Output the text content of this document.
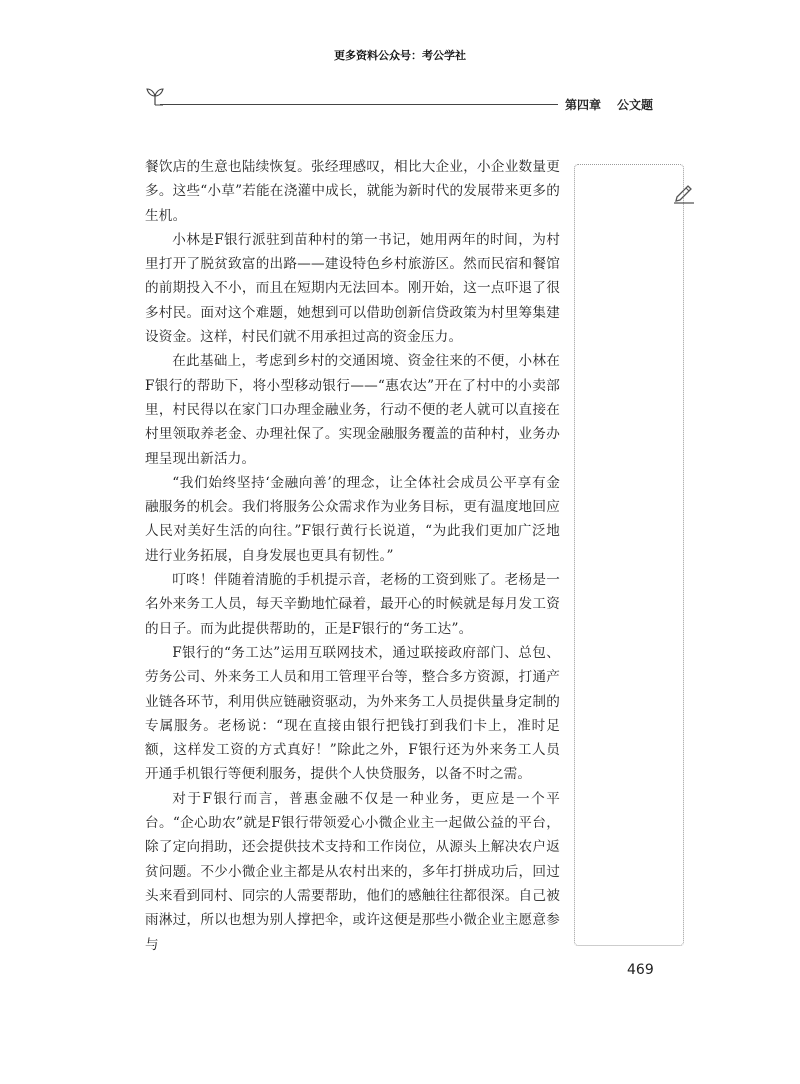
更多资料公众号：考公学社
第四章 公文题

餐饮店的生意也陆续恢复。张经理感叹，相比大企业，小企业数量更多。这些“小草”若能在浇灌中成长，就能为新时代的发展带来更多的生机。

小林是F银行派驻到苗种村的第一书记，她用两年的时间，为村里打开了脱贫致富的出路——建设特色乡村旅游区。然而民宿和餐馆的前期投入不小，而且在短期内无法回本。刚开始，这一点吓退了很多村民。面对这个难题，她想到可以借助创新信贷政策为村里筹集建设资金。这样，村民们就不用承担过高的资金压力。

在此基础上，考虑到乡村的交通困境、资金往来的不便，小林在F银行的帮助下，将小型移动银行——“惠农达”开在了村中的小卖部里，村民得以在家门口办理金融业务，行动不便的老人就可以直接在村里领取养老金、办理社保了。实现金融服务覆盖的苗种村，业务办理呈现出新活力。

“我们始终坚持‘金融向善’的理念，让全体社会成员公平享有金融服务的机会。我们将服务公众需求作为业务目标，更有温度地回应人民对美好生活的向往。”F银行黄行长说道，“为此我们更加广泛地进行业务拓展，自身发展也更具有韧性。”

叮咚！伴随着清脆的手机提示音，老杨的工资到账了。老杨是一名外来务工人员，每天辛勤地忙碌着，最开心的时候就是每月发工资的日子。而为此提供帮助的，正是F银行的“务工达”。

F银行的“务工达”运用互联网技术，通过联接政府部门、总包、劳务公司、外来务工人员和用工管理平台等，整合多方资源，打通产业链各环节，利用供应链融资驱动，为外来务工人员提供量身定制的专属服务。老杨说：“现在直接由银行把钱打到我们卡上，准时足额，这样发工资的方式真好！”除此之外，F银行还为外来务工人员开通手机银行等便利服务，提供个人快贷服务，以备不时之需。

对于F银行而言，普惠金融不仅是一种业务，更应是一个平台。“企心助农”就是F银行带领爱心小微企业主一起做公益的平台，除了定向捐助，还会提供技术支持和工作岗位，从源头上解决农户返贫问题。不少小微企业主都是从农村出来的，多年打拼成功后，回过头来看到同村、同宗的人需要帮助，他们的感触往往都很深。自己被雨淋过，所以也想为别人撑把伞，或许这便是那些小微企业主愿意参与

469
